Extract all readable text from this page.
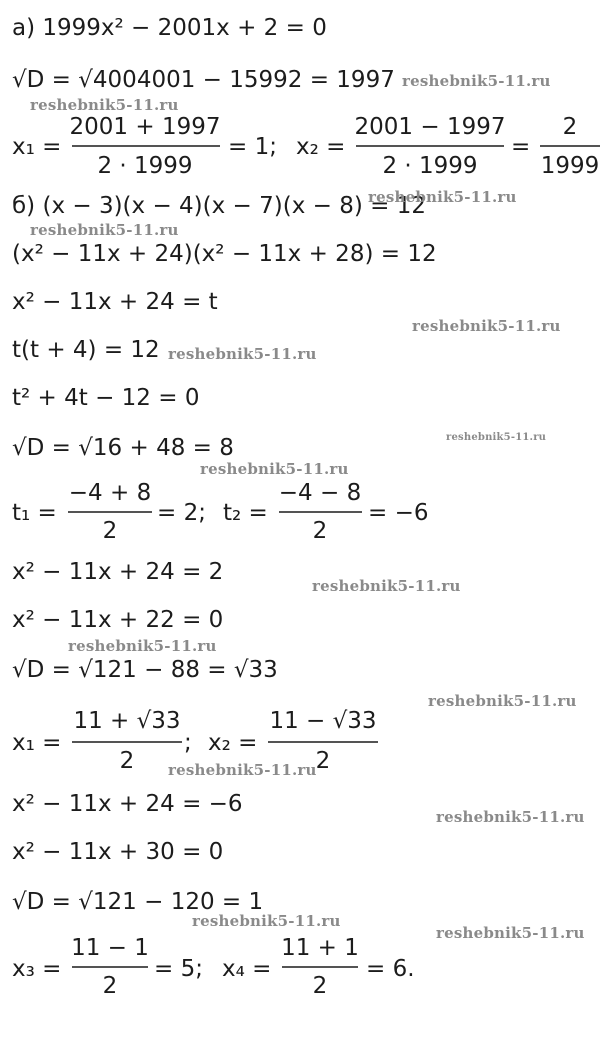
а) 1999x² − 2001x + 2 = 0
√D = √4004001 − 15992 = 1997
б) (x − 3)(x − 4)(x − 7)(x − 8) = 12
(x² − 11x + 24)(x² − 11x + 28) = 12
x² − 11x + 24 = t
t(t + 4) = 12
t² + 4t − 12 = 0
√D = √16 + 48 = 8
x² − 11x + 24 = 2
x² − 11x + 22 = 0
√D = √121 − 88 = √33
x² − 11x + 24 = −6
x² − 11x + 30 = 0
√D = √121 − 120 = 1
x₁ =
2001 + 1997
2 · 1999
= 1; x₂ =
2001 − 1997
2 · 1999
=
2
1999
t₁ =
−4 + 8
2
= 2; t₂ =
−4 − 8
2
= −6
x₁ =
11 + √33
2
; x₂ =
11 − √33
2
x₃ =
11 − 1
2
= 5; x₄ =
11 + 1
2
= 6.
reshebnik5-11.ru
reshebnik5-11.ru
reshebnik5-11.ru
reshebnik5-11.ru
reshebnik5-11.ru
reshebnik5-11.ru
reshebnik5-11.ru
reshebnik5-11.ru
reshebnik5-11.ru
reshebnik5-11.ru
reshebnik5-11.ru
reshebnik5-11.ru
reshebnik5-11.ru
reshebnik5-11.ru
reshebnik5-11.ru
